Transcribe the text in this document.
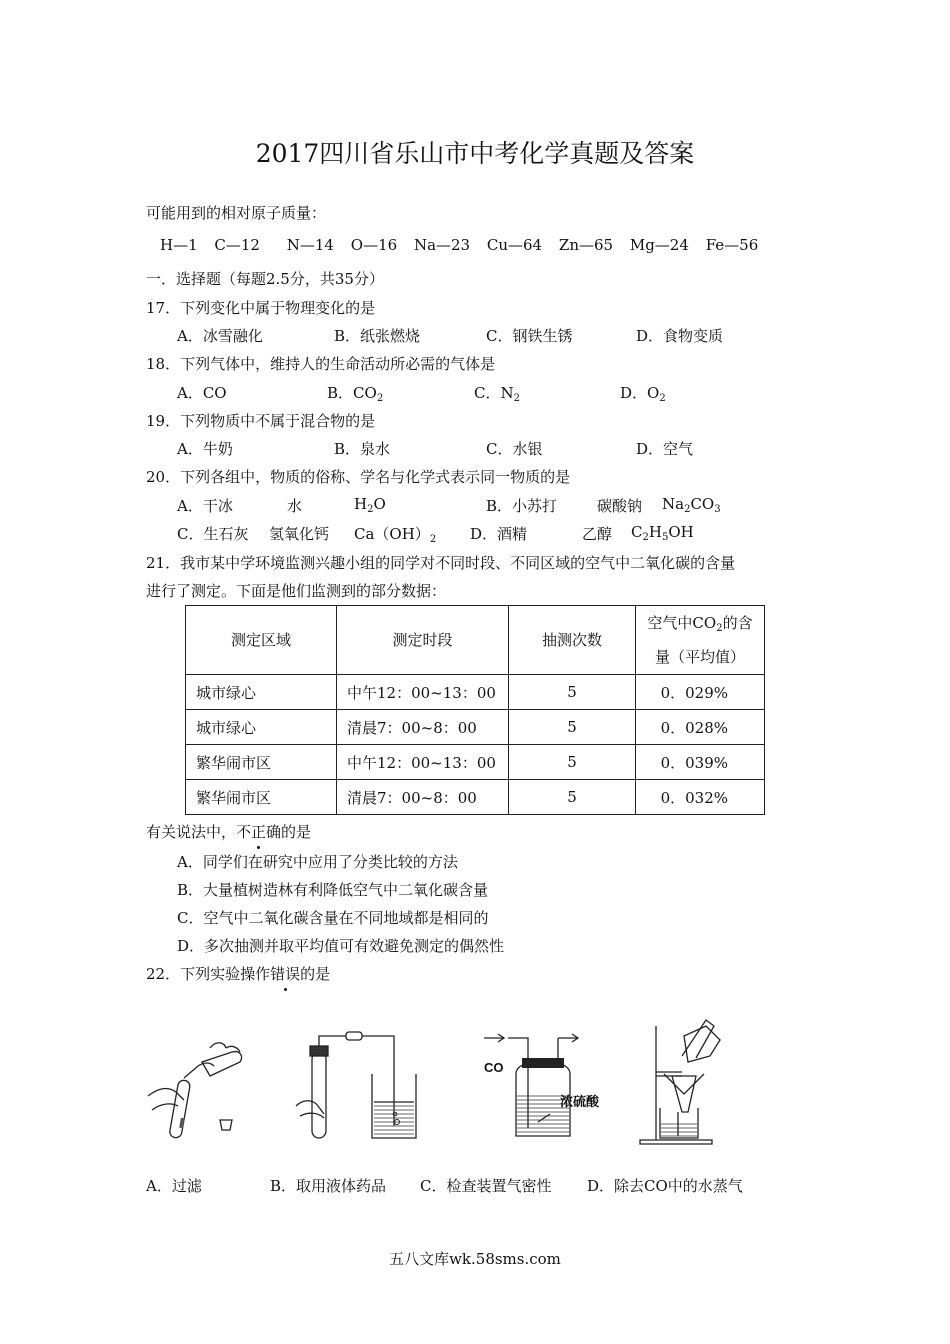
2017四川省乐山市中考化学真题及答案
可能用到的相对原子质量：
H—1 C—12 N—14 O—16 Na—23 Cu—64 Zn—65 Mg—24 Fe—56
一．选择题（每题2.5分，共35分）
17．下列变化中属于物理变化的是
A．冰雪融化	B．纸张燃烧	C．钢铁生锈	D．食物变质
18．下列气体中，维持人的生命活动所必需的气体是
A．CO	B．$CO_2$	C．$N_2$	D．$O_2$
19．下列物质中不属于混合物的是
A．牛奶	B．泉水	C．水银	D．空气
20．下列各组中，物质的俗称、学名与化学式表示同一物质的是
A．干冰	水	$H_2O$	B．小苏打	碳酸钠 $Na_2CO_3$
C．生石灰 氢氧化钙 $Ca(OH)_2$ D．酒精	乙醇 $C_2H_5OH$
21．我市某中学环境监测兴趣小组的同学对不同时段、不同区域的空气中二氧化碳的含量
进行了测定。下面是他们监测到的部分数据：
测定区域	测定时段	抽测次数	空气中$CO_2$的含
量（平均值）
城市绿心	中午12：00~13：00	5	0．029%
城市绿心	清晨7：00~8：00	5	0．028%
繁华闹市区	中午12：00~13：00	5	0．039%
繁华闹市区	清晨7：00~8：00	5	0．032%
有关说法中，不正确的是
A．同学们在研究中应用了分类比较的方法
B．大量植树造林有利降低空气中二氧化碳含量
C．空气中二氧化碳含量在不同地域都是相同的
D．多次抽测并取平均值可有效避免测定的偶然性
22．下列实验操作错误的是
CO
浓硫酸
A．过滤	B．取用液体药品 C．检查装置气密性 D．除去CO中的水蒸气
五八文库wk.58sms.com
